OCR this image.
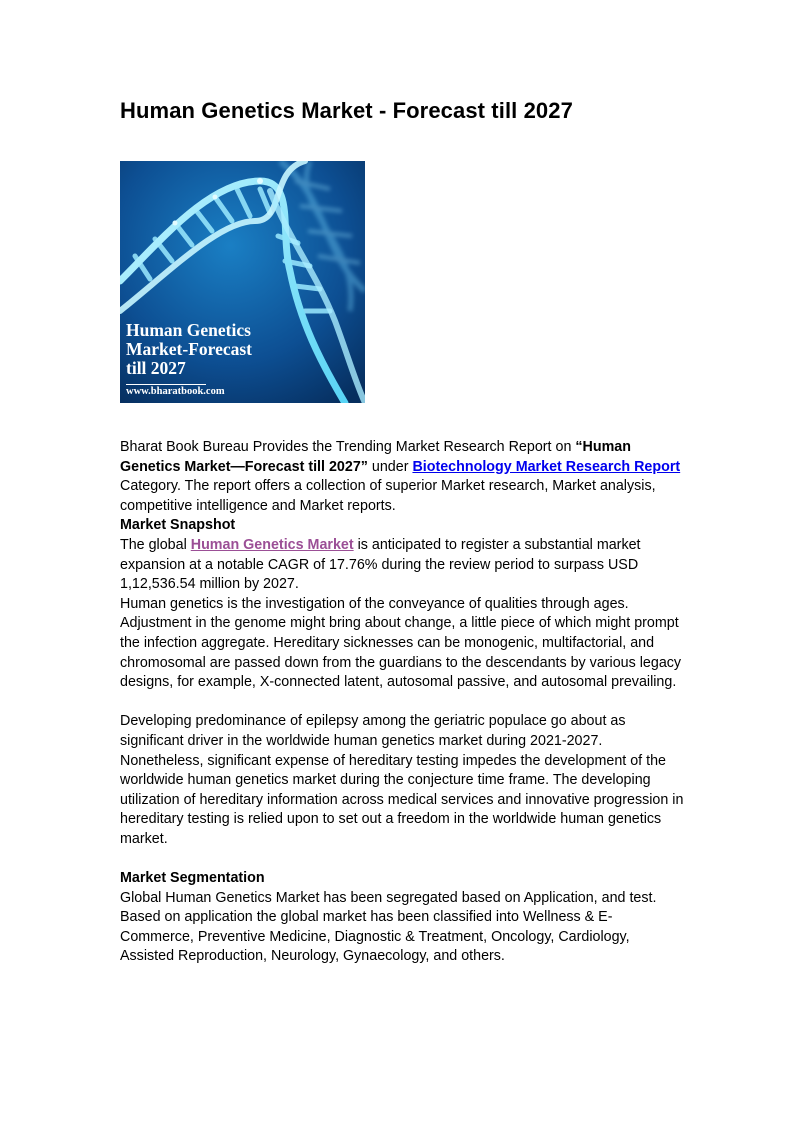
Human Genetics Market - Forecast till 2027
Human Genetics
Market-Forecast
till 2027
www.bharatbook.com

Bharat Book Bureau Provides the Trending Market Research Report on “Human Genetics Market—Forecast till 2027” under Biotechnology Market Research Report
Category. The report offers a collection of superior Market research, Market analysis, competitive intelligence and Market reports.

Market Snapshot

The global Human Genetics Market is anticipated to register a substantial market expansion at a notable CAGR of 17.76% during the review period to surpass USD 1,12,536.54 million by 2027.

Human genetics is the investigation of the conveyance of qualities through ages. Adjustment in the genome might bring about change, a little piece of which might prompt the infection aggregate. Hereditary sicknesses can be monogenic, multifactorial, and chromosomal are passed down from the guardians to the descendants by various legacy designs, for example, X-connected latent, autosomal passive, and autosomal prevailing.

Developing predominance of epilepsy among the geriatric populace go about as significant driver in the worldwide human genetics market during 2021-2027. Nonetheless, significant expense of hereditary testing impedes the development of the worldwide human genetics market during the conjecture time frame. The developing utilization of hereditary information across medical services and innovative progression in hereditary testing is relied upon to set out a freedom in the worldwide human genetics market.

Market Segmentation

Global Human Genetics Market has been segregated based on Application, and test. Based on application the global market has been classified into Wellness & E-Commerce, Preventive Medicine, Diagnostic & Treatment, Oncology, Cardiology, Assisted Reproduction, Neurology, Gynaecology, and others.
